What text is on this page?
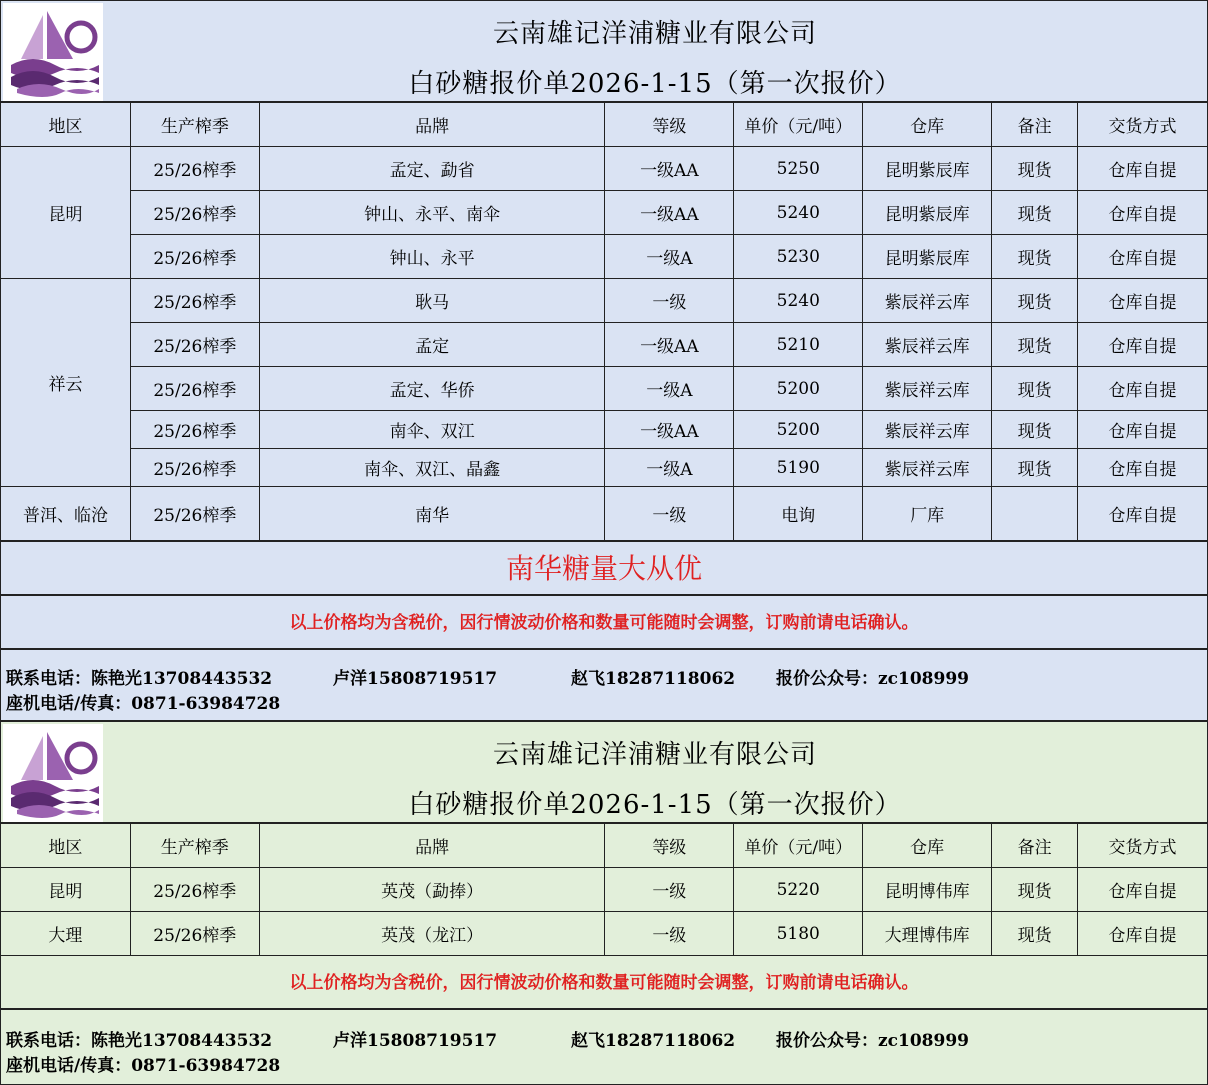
云南雄记洋浦糖业有限公司
白砂糖报价单2026-1-15（第一次报价）
地区	生产榨季	品牌	等级	单价（元/吨）	仓库	备注	交货方式
昆明	25/26榨季	孟定、勐省	一级AA	5250	昆明紫辰库	现货	仓库自提
	25/26榨季	钟山、永平、南伞	一级AA	5240	昆明紫辰库	现货	仓库自提
	25/26榨季	钟山、永平	一级A	5230	昆明紫辰库	现货	仓库自提
祥云	25/26榨季	耿马	一级	5240	紫辰祥云库	现货	仓库自提
	25/26榨季	孟定	一级AA	5210	紫辰祥云库	现货	仓库自提
	25/26榨季	孟定、华侨	一级A	5200	紫辰祥云库	现货	仓库自提
	25/26榨季	南伞、双江	一级AA	5200	紫辰祥云库	现货	仓库自提
	25/26榨季	南伞、双江、晶鑫	一级A	5190	紫辰祥云库	现货	仓库自提
普洱、临沧	25/26榨季	南华	一级	电询	厂库		仓库自提
南华糖量大从优
以上价格均为含税价，因行情波动价格和数量可能随时会调整，订购前请电话确认。
联系电话：陈艳光13708443532	卢洋15808719517	赵飞18287118062 报价公众号：zc108999
座机电话/传真：0871-63984728
云南雄记洋浦糖业有限公司
白砂糖报价单2026-1-15（第一次报价）
地区	生产榨季	品牌	等级	单价（元/吨）	仓库	备注	交货方式
昆明	25/26榨季	英茂（勐捧）	一级	5220	昆明博伟库	现货	仓库自提
大理	25/26榨季	英茂（龙江）	一级	5180	大理博伟库	现货	仓库自提
以上价格均为含税价，因行情波动价格和数量可能随时会调整，订购前请电话确认。
联系电话：陈艳光13708443532	卢洋15808719517	赵飞18287118062 报价公众号：zc108999
座机电话/传真：0871-63984728
